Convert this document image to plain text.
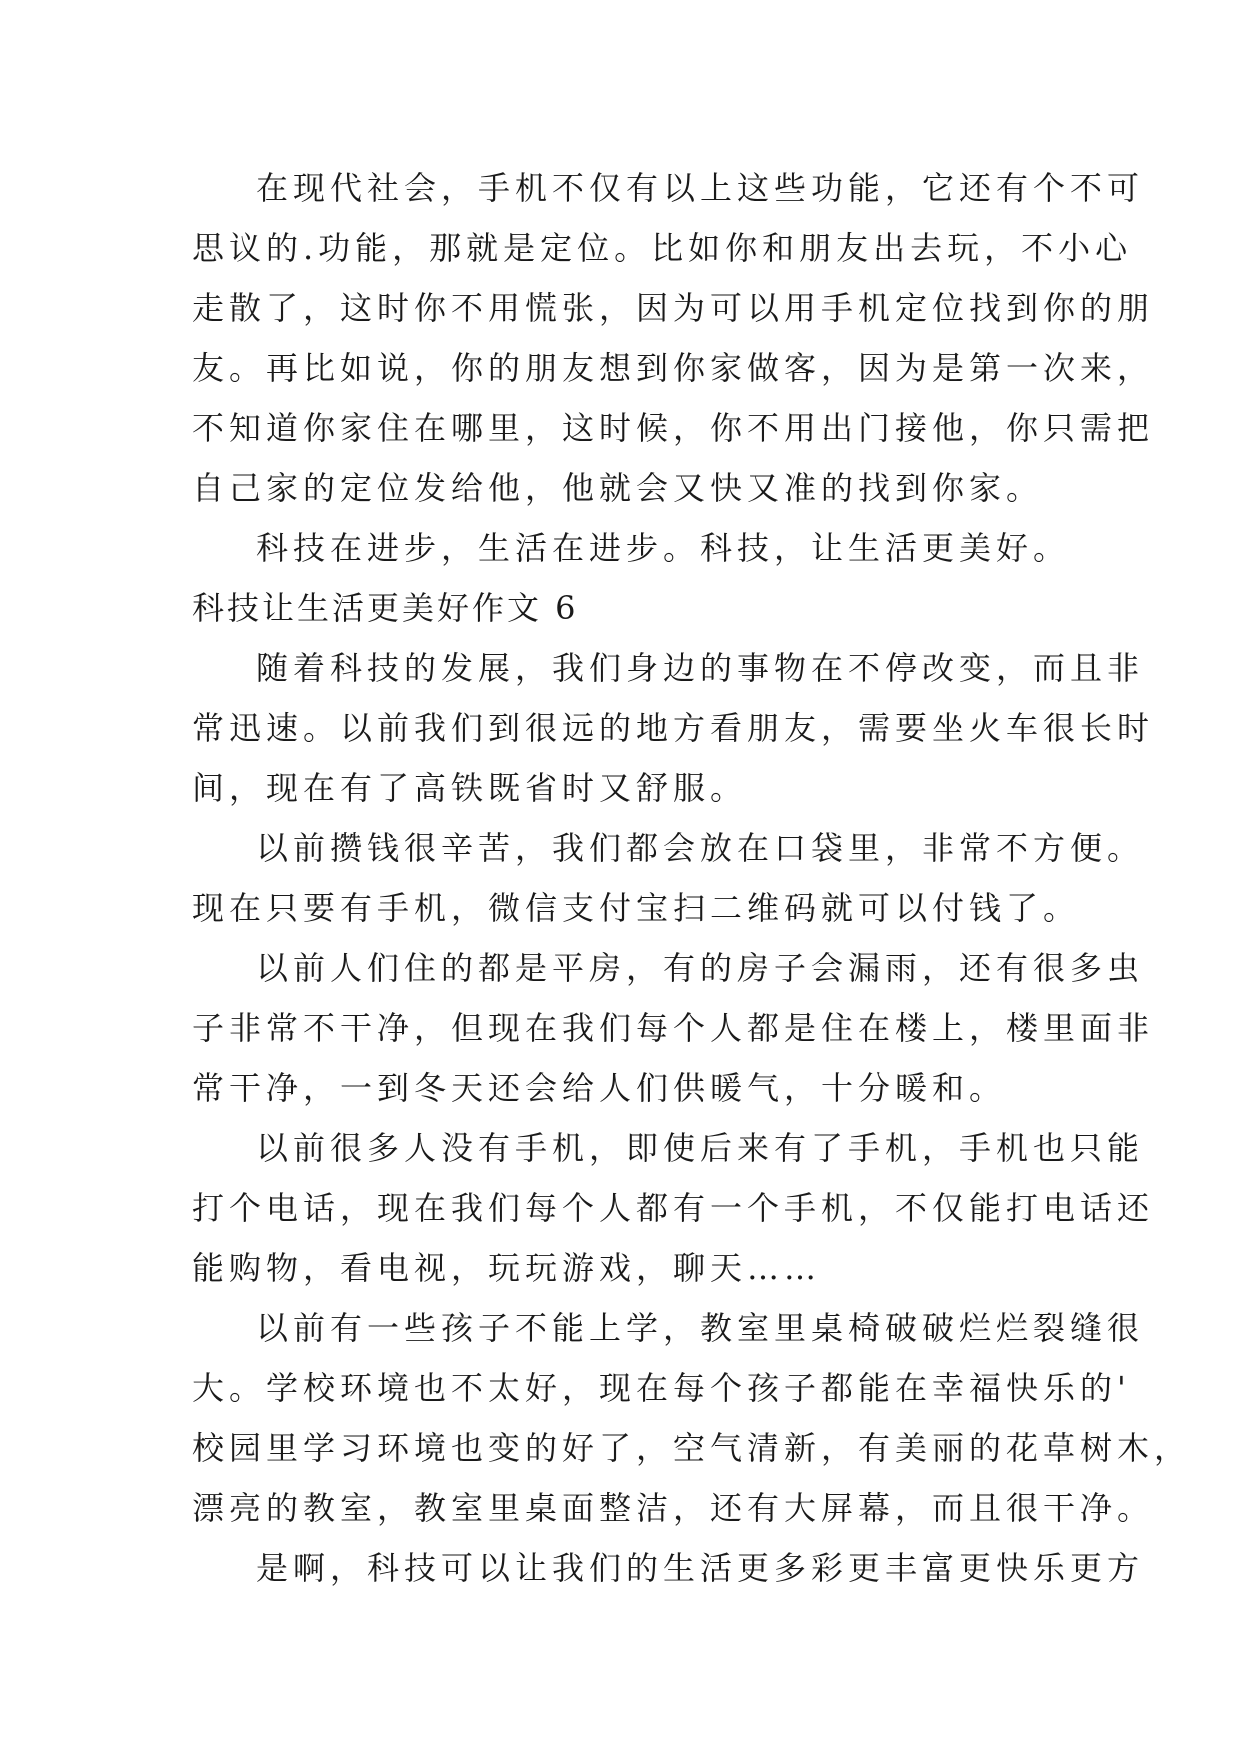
在现代社会，手机不仅有以上这些功能，它还有个不可
思议的.功能，那就是定位。比如你和朋友出去玩，不小心
走散了，这时你不用慌张，因为可以用手机定位找到你的朋
友。再比如说，你的朋友想到你家做客，因为是第一次来，
不知道你家住在哪里，这时候，你不用出门接他，你只需把
自己家的定位发给他，他就会又快又准的找到你家。
科技在进步，生活在进步。科技，让生活更美好。
科技让生活更美好作文 6
随着科技的发展，我们身边的事物在不停改变，而且非
常迅速。以前我们到很远的地方看朋友，需要坐火车很长时
间，现在有了高铁既省时又舒服。
以前攒钱很辛苦，我们都会放在口袋里，非常不方便。
现在只要有手机，微信支付宝扫二维码就可以付钱了。
以前人们住的都是平房，有的房子会漏雨，还有很多虫
子非常不干净，但现在我们每个人都是住在楼上，楼里面非
常干净，一到冬天还会给人们供暖气，十分暖和。
以前很多人没有手机，即使后来有了手机，手机也只能
打个电话，现在我们每个人都有一个手机，不仅能打电话还
能购物，看电视，玩玩游戏，聊天……
以前有一些孩子不能上学，教室里桌椅破破烂烂裂缝很
大。学校环境也不太好，现在每个孩子都能在幸福快乐的'
校园里学习环境也变的好了，空气清新，有美丽的花草树木，
漂亮的教室，教室里桌面整洁，还有大屏幕，而且很干净。
是啊，科技可以让我们的生活更多彩更丰富更快乐更方
